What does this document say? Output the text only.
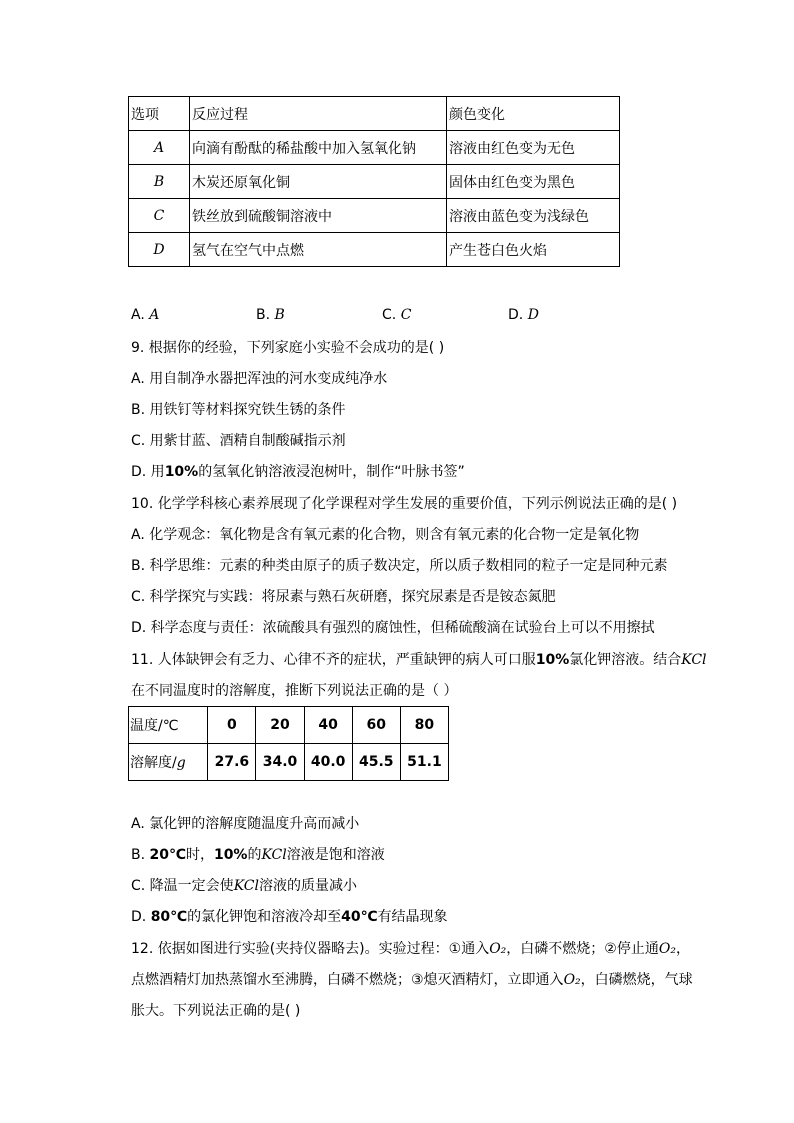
选项	反应过程	颜色变化
A	向滴有酚酞的稀盐酸中加入氢氧化钠	溶液由红色变为无色
B	木炭还原氧化铜	固体由红色变为黑色
C	铁丝放到硫酸铜溶液中	溶液由蓝色变为浅绿色
D	氢气在空气中点燃	产生苍白色火焰
A. A	B. B	C. C	D. D
9. 根据你的经验，下列家庭小实验不会成功的是( )
A. 用自制净水器把浑浊的河水变成纯净水
B. 用铁钉等材料探究铁生锈的条件
C. 用紫甘蓝、酒精自制酸碱指示剂
D. 用10%的氢氧化钠溶液浸泡树叶，制作“叶脉书签”
10. 化学学科核心素养展现了化学课程对学生发展的重要价值，下列示例说法正确的是( )
A. 化学观念：氧化物是含有氧元素的化合物，则含有氧元素的化合物一定是氧化物
B. 科学思维：元素的种类由原子的质子数决定，所以质子数相同的粒子一定是同种元素
C. 科学探究与实践：将尿素与熟石灰研磨，探究尿素是否是铵态氮肥
D. 科学态度与责任：浓硫酸具有强烈的腐蚀性，但稀硫酸滴在试验台上可以不用擦拭
11. 人体缺钾会有乏力、心律不齐的症状，严重缺钾的病人可口服10%氯化钾溶液。结合KCl
在不同温度时的溶解度，推断下列说法正确的是（ ）
温度/℃	0	20	40	60	80
溶解度/g	27.6	34.0	40.0	45.5	51.1
A. 氯化钾的溶解度随温度升高而减小
B. 20℃时，10%的KCl溶液是饱和溶液
C. 降温一定会使KCl溶液的质量减小
D. 80℃的氯化钾饱和溶液冷却至40℃有结晶现象
12. 依据如图进行实验(夹持仪器略去)。实验过程：①通入O₂，白磷不燃烧；②停止通O₂，
点燃酒精灯加热蒸馏水至沸腾，白磷不燃烧；③熄灭酒精灯，立即通入O₂，白磷燃烧，气球
胀大。下列说法正确的是( )
